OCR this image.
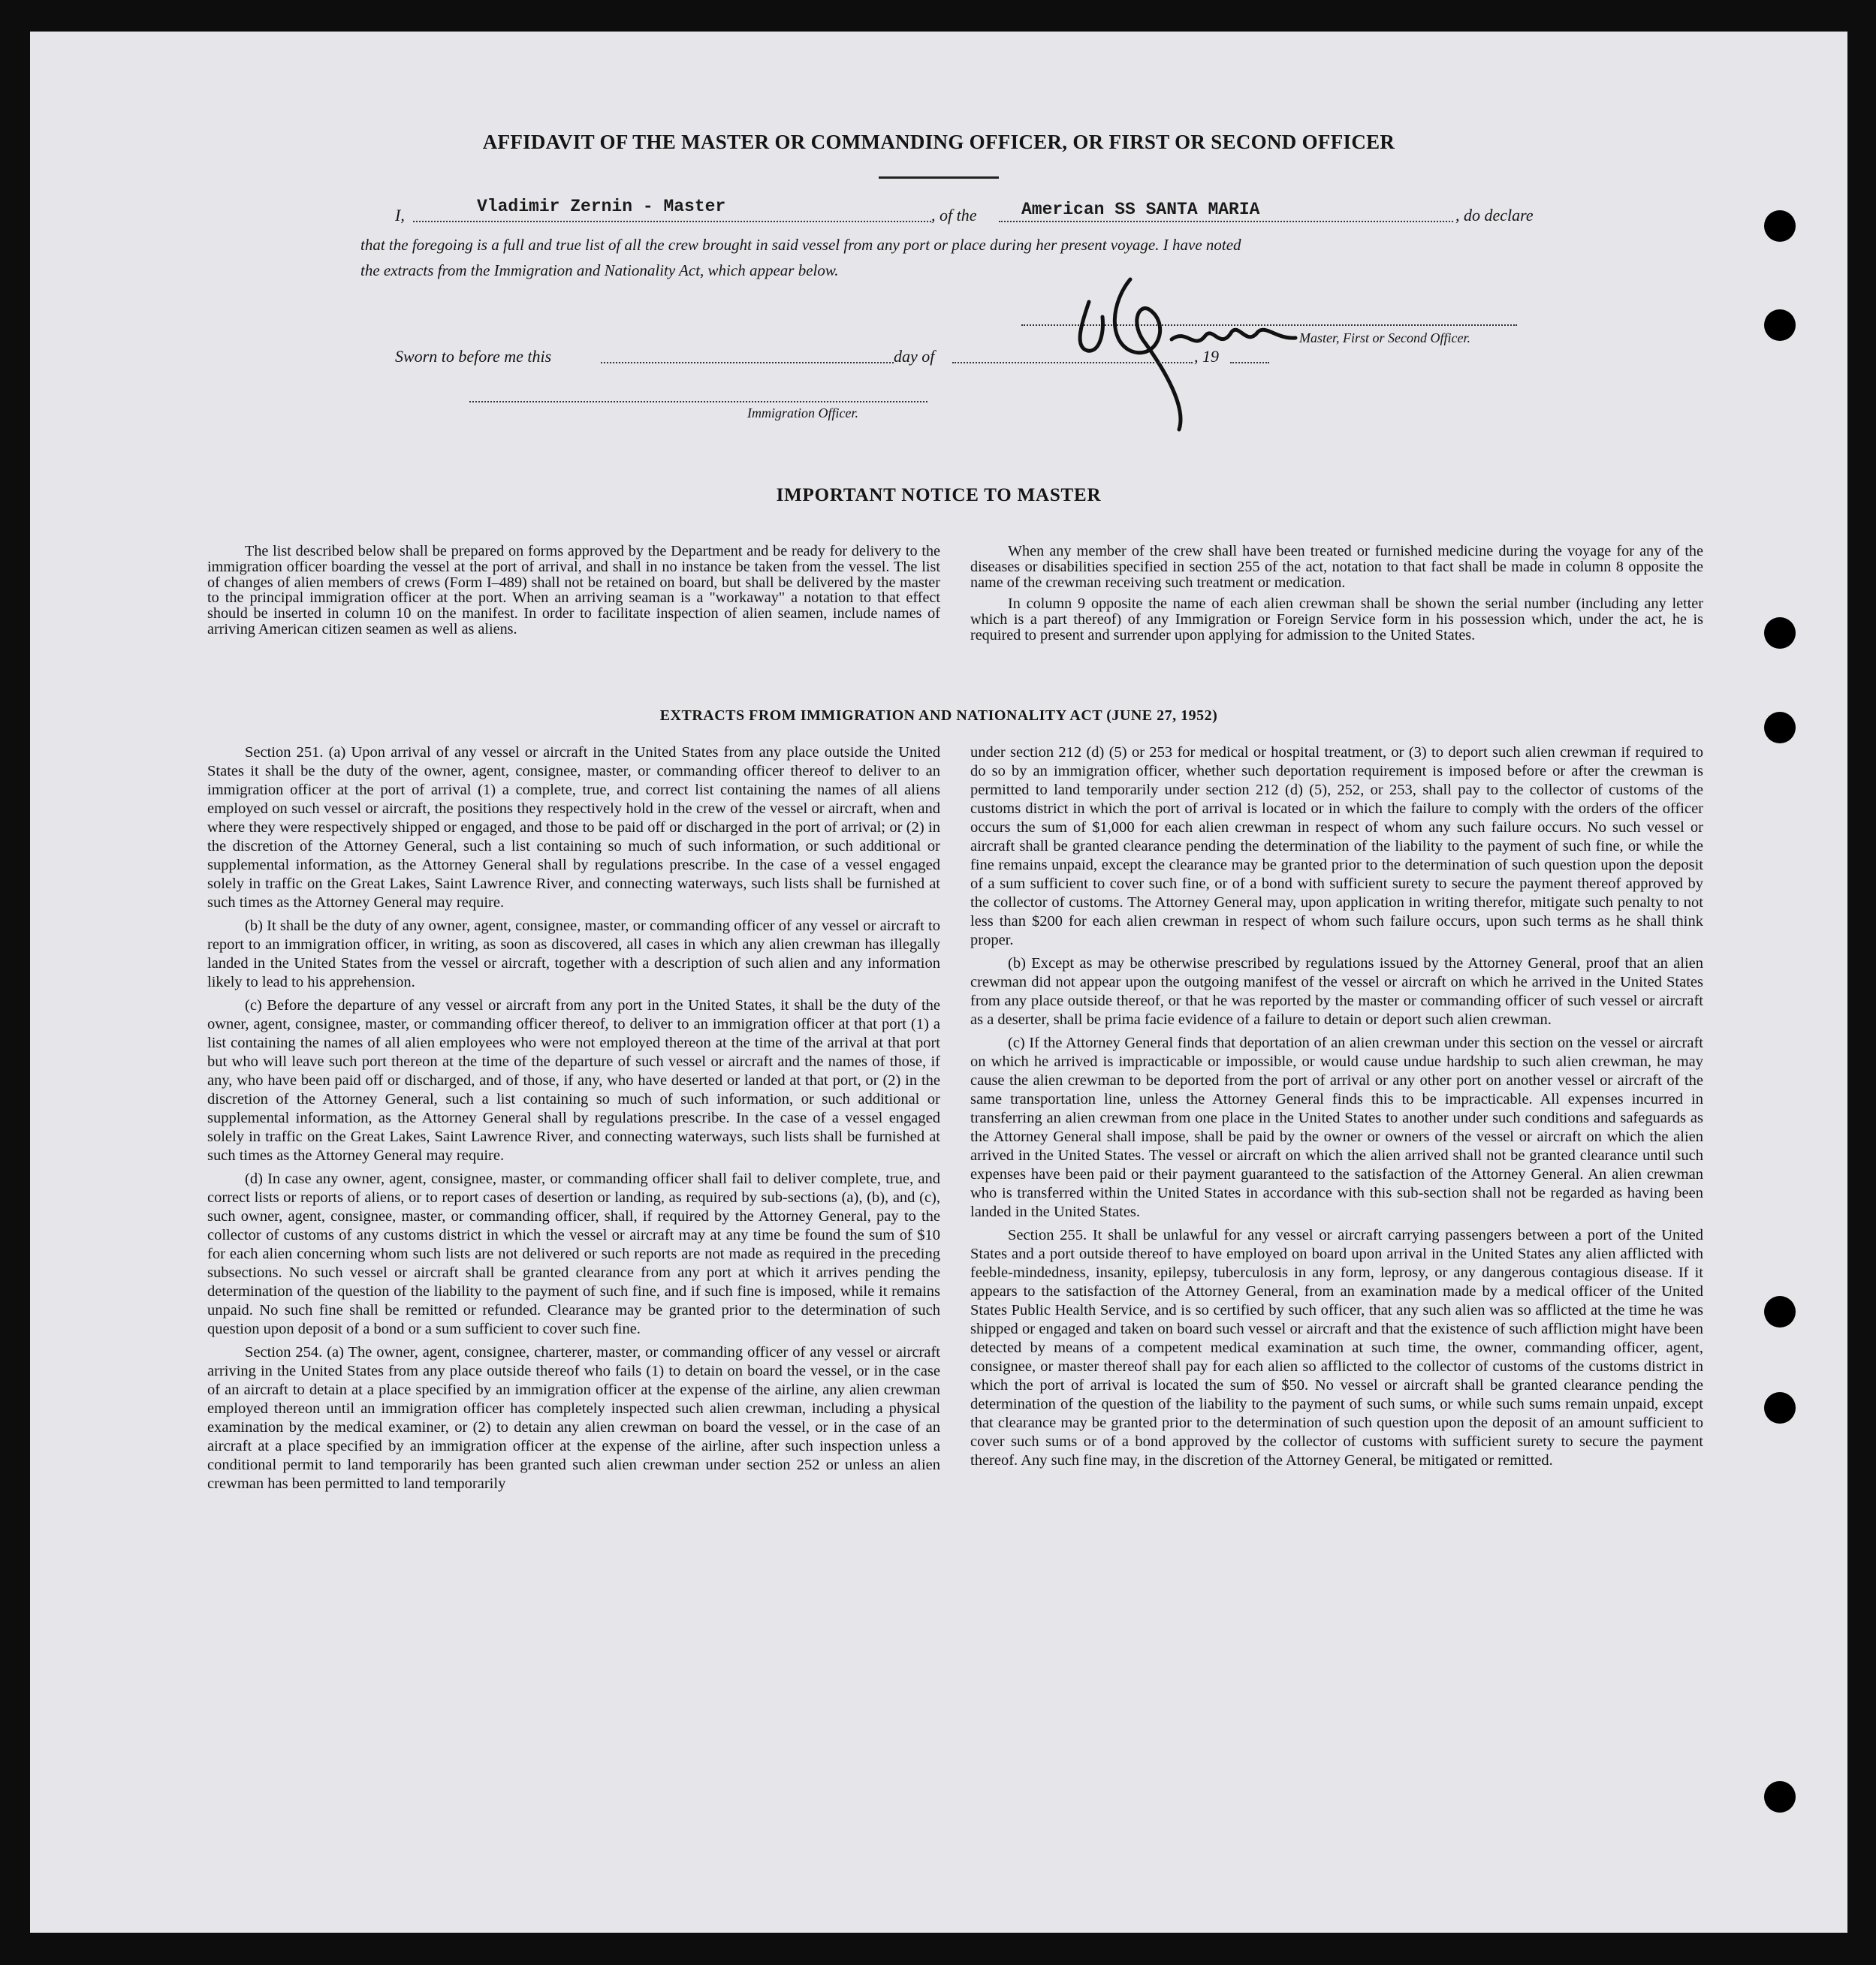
AFFIDAVIT OF THE MASTER OR COMMANDING OFFICER, OR FIRST OR SECOND OFFICER
I,	Vladimir Zernin - Master	, of the	American SS SANTA MARIA	, do declare
that the foregoing is a full and true list of all the crew brought in said vessel from any port or place during her present voyage. I have noted
the extracts from the Immigration and Nationality Act, which appear below.
Master, First or Second Officer.
Sworn to before me this	day of	, 19
Immigration Officer.
IMPORTANT NOTICE TO MASTER

The list described below shall be prepared on forms approved by the Department and be ready for delivery to the immigration officer boarding the vessel at the port of arrival, and shall in no instance be taken from the vessel. The list of changes of alien members of crews (Form I–489) shall not be retained on board, but shall be delivered by the master to the principal immigration officer at the port. When an arriving seaman is a "workaway" a notation to that effect should be inserted in column 10 on the manifest. In order to facilitate inspection of alien seamen, include names of arriving American citizen seamen as well as aliens.

When any member of the crew shall have been treated or furnished medicine during the voyage for any of the diseases or disabilities specified in section 255 of the act, notation to that fact shall be made in column 8 opposite the name of the crewman receiving such treatment or medication.

In column 9 opposite the name of each alien crewman shall be shown the serial number (including any letter which is a part thereof) of any Immigration or Foreign Service form in his possession which, under the act, he is required to present and surrender upon applying for admission to the United States.

EXTRACTS FROM IMMIGRATION AND NATIONALITY ACT (JUNE 27, 1952)

Section 251. (a) Upon arrival of any vessel or aircraft in the United States from any place outside the United States it shall be the duty of the owner, agent, consignee, master, or commanding officer thereof to deliver to an immigration officer at the port of arrival (1) a complete, true, and correct list containing the names of all aliens employed on such vessel or aircraft, the positions they respectively hold in the crew of the vessel or aircraft, when and where they were respectively shipped or engaged, and those to be paid off or discharged in the port of arrival; or (2) in the discretion of the Attorney General, such a list containing so much of such information, or such additional or supplemental information, as the Attorney General shall by regulations prescribe. In the case of a vessel engaged solely in traffic on the Great Lakes, Saint Lawrence River, and connecting waterways, such lists shall be furnished at such times as the Attorney General may require.

(b) It shall be the duty of any owner, agent, consignee, master, or commanding officer of any vessel or aircraft to report to an immigration officer, in writing, as soon as discovered, all cases in which any alien crewman has illegally landed in the United States from the vessel or aircraft, together with a description of such alien and any information likely to lead to his apprehension.

(c) Before the departure of any vessel or aircraft from any port in the United States, it shall be the duty of the owner, agent, consignee, master, or commanding officer thereof, to deliver to an immigration officer at that port (1) a list containing the names of all alien employees who were not employed thereon at the time of the arrival at that port but who will leave such port thereon at the time of the departure of such vessel or aircraft and the names of those, if any, who have been paid off or discharged, and of those, if any, who have deserted or landed at that port, or (2) in the discretion of the Attorney General, such a list containing so much of such information, or such additional or supplemental information, as the Attorney General shall by regulations prescribe. In the case of a vessel engaged solely in traffic on the Great Lakes, Saint Lawrence River, and connecting waterways, such lists shall be furnished at such times as the Attorney General may require.

(d) In case any owner, agent, consignee, master, or commanding officer shall fail to deliver complete, true, and correct lists or reports of aliens, or to report cases of desertion or landing, as required by sub-sections (a), (b), and (c), such owner, agent, consignee, master, or commanding officer, shall, if required by the Attorney General, pay to the collector of customs of any customs district in which the vessel or aircraft may at any time be found the sum of $10 for each alien concerning whom such lists are not delivered or such reports are not made as required in the preceding subsections. No such vessel or aircraft shall be granted clearance from any port at which it arrives pending the determination of the question of the liability to the payment of such fine, and if such fine is imposed, while it remains unpaid. No such fine shall be remitted or refunded. Clearance may be granted prior to the determination of such question upon deposit of a bond or a sum sufficient to cover such fine.

Section 254. (a) The owner, agent, consignee, charterer, master, or commanding officer of any vessel or aircraft arriving in the United States from any place outside thereof who fails (1) to detain on board the vessel, or in the case of an aircraft to detain at a place specified by an immigration officer at the expense of the airline, any alien crewman employed thereon until an immigration officer has completely inspected such alien crewman, including a physical examination by the medical examiner, or (2) to detain any alien crewman on board the vessel, or in the case of an aircraft at a place specified by an immigration officer at the expense of the airline, after such inspection unless a conditional permit to land temporarily has been granted such alien crewman under section 252 or unless an alien crewman has been permitted to land temporarily

under section 212 (d) (5) or 253 for medical or hospital treatment, or (3) to deport such alien crewman if required to do so by an immigration officer, whether such deportation requirement is imposed before or after the crewman is permitted to land temporarily under section 212 (d) (5), 252, or 253, shall pay to the collector of customs of the customs district in which the port of arrival is located or in which the failure to comply with the orders of the officer occurs the sum of $1,000 for each alien crewman in respect of whom any such failure occurs. No such vessel or aircraft shall be granted clearance pending the determination of the liability to the payment of such fine, or while the fine remains unpaid, except the clearance may be granted prior to the determination of such question upon the deposit of a sum sufficient to cover such fine, or of a bond with sufficient surety to secure the payment thereof approved by the collector of customs. The Attorney General may, upon application in writing therefor, mitigate such penalty to not less than $200 for each alien crewman in respect of whom such failure occurs, upon such terms as he shall think proper.

(b) Except as may be otherwise prescribed by regulations issued by the Attorney General, proof that an alien crewman did not appear upon the outgoing manifest of the vessel or aircraft on which he arrived in the United States from any place outside thereof, or that he was reported by the master or commanding officer of such vessel or aircraft as a deserter, shall be prima facie evidence of a failure to detain or deport such alien crewman.

(c) If the Attorney General finds that deportation of an alien crewman under this section on the vessel or aircraft on which he arrived is impracticable or impossible, or would cause undue hardship to such alien crewman, he may cause the alien crewman to be deported from the port of arrival or any other port on another vessel or aircraft of the same transportation line, unless the Attorney General finds this to be impracticable. All expenses incurred in transferring an alien crewman from one place in the United States to another under such conditions and safeguards as the Attorney General shall impose, shall be paid by the owner or owners of the vessel or aircraft on which the alien arrived in the United States. The vessel or aircraft on which the alien arrived shall not be granted clearance until such expenses have been paid or their payment guaranteed to the satisfaction of the Attorney General. An alien crewman who is transferred within the United States in accordance with this sub-section shall not be regarded as having been landed in the United States.

Section 255. It shall be unlawful for any vessel or aircraft carrying passengers between a port of the United States and a port outside thereof to have employed on board upon arrival in the United States any alien afflicted with feeble-mindedness, insanity, epilepsy, tuberculosis in any form, leprosy, or any dangerous contagious disease. If it appears to the satisfaction of the Attorney General, from an examination made by a medical officer of the United States Public Health Service, and is so certified by such officer, that any such alien was so afflicted at the time he was shipped or engaged and taken on board such vessel or aircraft and that the existence of such affliction might have been detected by means of a competent medical examination at such time, the owner, commanding officer, agent, consignee, or master thereof shall pay for each alien so afflicted to the collector of customs of the customs district in which the port of arrival is located the sum of $50. No vessel or aircraft shall be granted clearance pending the determination of the question of the liability to the payment of such sums, or while such sums remain unpaid, except that clearance may be granted prior to the determination of such question upon the deposit of an amount sufficient to cover such sums or of a bond approved by the collector of customs with sufficient surety to secure the payment thereof. Any such fine may, in the discretion of the Attorney General, be mitigated or remitted.
